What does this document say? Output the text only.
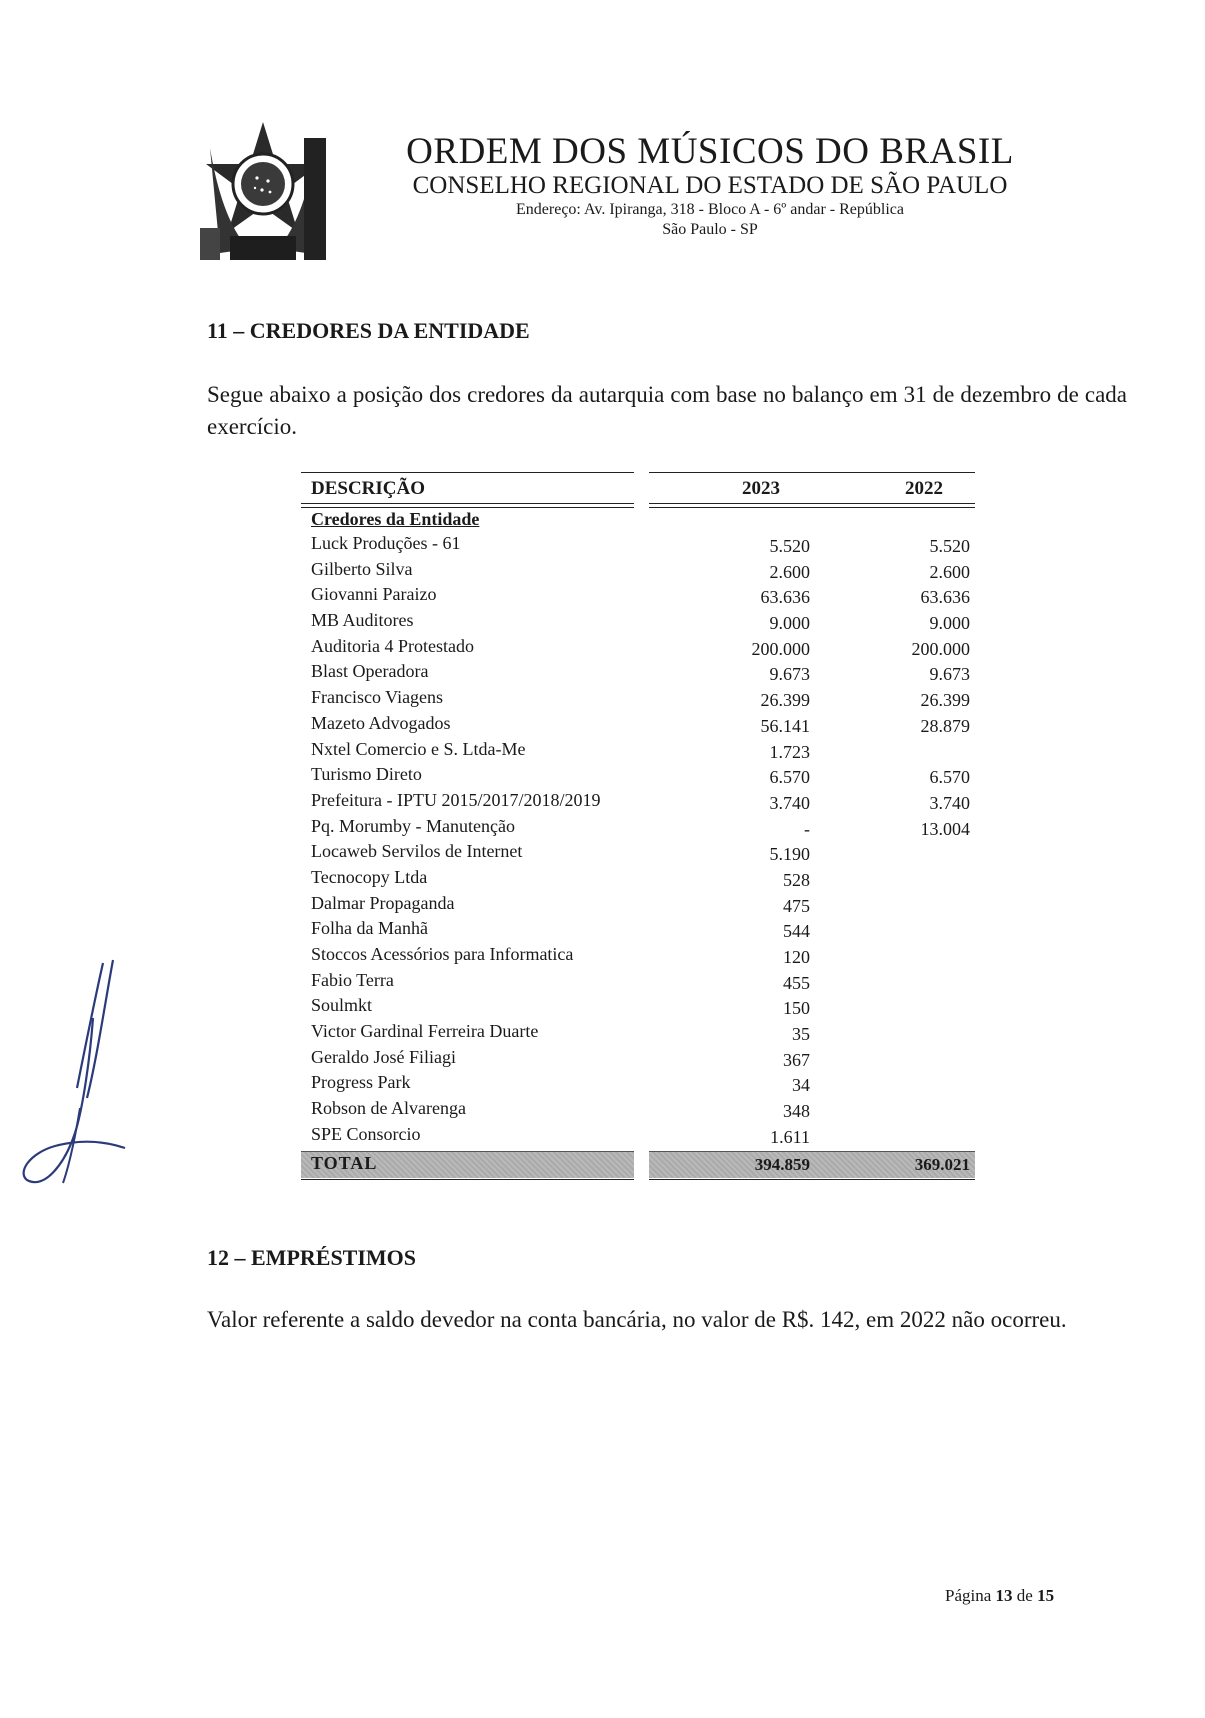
ORDEM DOS MÚSICOS DO BRASIL
CONSELHO REGIONAL DO ESTADO DE SÃO PAULO
Endereço: Av. Ipiranga, 318 - Bloco A - 6º andar - República
São Paulo - SP
11 – CREDORES DA ENTIDADE
Segue abaixo a posição dos credores da autarquia com base no balanço em 31 de dezembro de cada exercício.
DESCRIÇÃO	2023	2022
Credores da Entidade
Luck Produções - 61	5.520	5.520
Gilberto Silva	2.600	2.600
Giovanni Paraizo	63.636	63.636
MB Auditores	9.000	9.000
Auditoria 4 Protestado	200.000	200.000
Blast Operadora	9.673	9.673
Francisco Viagens	26.399	26.399
Mazeto Advogados	56.141	28.879
Nxtel Comercio e S. Ltda-Me	1.723
Turismo Direto	6.570	6.570
Prefeitura - IPTU 2015/2017/2018/2019	3.740	3.740
Pq. Morumby - Manutenção	-	13.004
Locaweb Servilos de Internet	5.190
Tecnocopy Ltda	528
Dalmar Propaganda	475
Folha da Manhã	544
Stoccos Acessórios para Informatica	120
Fabio Terra	455
Soulmkt	150
Victor Gardinal Ferreira Duarte	35
Geraldo José Filiagi	367
Progress Park	34
Robson de Alvarenga	348
SPE Consorcio	1.611
TOTAL	394.859	369.021
12 – EMPRÉSTIMOS
Valor referente a saldo devedor na conta bancária, no valor de R$. 142, em 2022 não ocorreu.
Página 13 de 15
